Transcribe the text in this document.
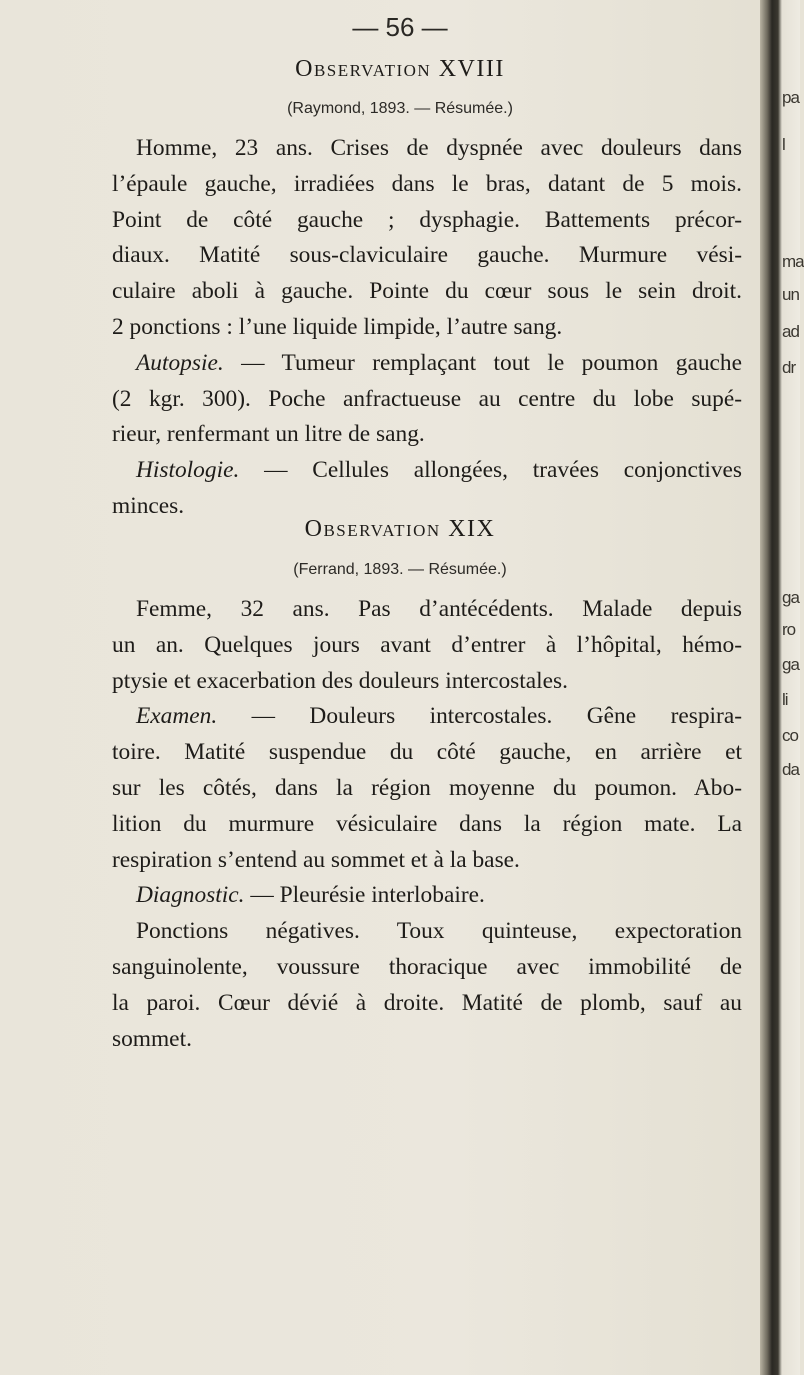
pa
l
ma
un
ad
dr
ga
ro
ga
li
co
da
— 56 —
Observation XVIII
(Raymond, 1893. — Résumée.)
Homme, 23 ans. Crises de dyspnée avec douleurs dans
l’épaule gauche, irradiées dans le bras, datant de 5 mois.
Point de côté gauche ; dysphagie. Battements précor-
diaux. Matité sous-claviculaire gauche. Murmure vési-
culaire aboli à gauche. Pointe du cœur sous le sein droit.
2 ponctions : l’une liquide limpide, l’autre sang.
Autopsie. — Tumeur remplaçant tout le poumon gauche
(2 kgr. 300). Poche anfractueuse au centre du lobe supé-
rieur, renfermant un litre de sang.
Histologie. — Cellules allongées, travées conjonctives
minces.
Observation XIX
(Ferrand, 1893. — Résumée.)
Femme, 32 ans. Pas d’antécédents. Malade depuis
un an. Quelques jours avant d’entrer à l’hôpital, hémo-
ptysie et exacerbation des douleurs intercostales.
Examen. — Douleurs intercostales. Gêne respira-
toire. Matité suspendue du côté gauche, en arrière et
sur les côtés, dans la région moyenne du poumon. Abo-
lition du murmure vésiculaire dans la région mate. La
respiration s’entend au sommet et à la base.
Diagnostic. — Pleurésie interlobaire.
Ponctions négatives. Toux quinteuse, expectoration
sanguinolente, voussure thoracique avec immobilité de
la paroi. Cœur dévié à droite. Matité de plomb, sauf au
sommet.
